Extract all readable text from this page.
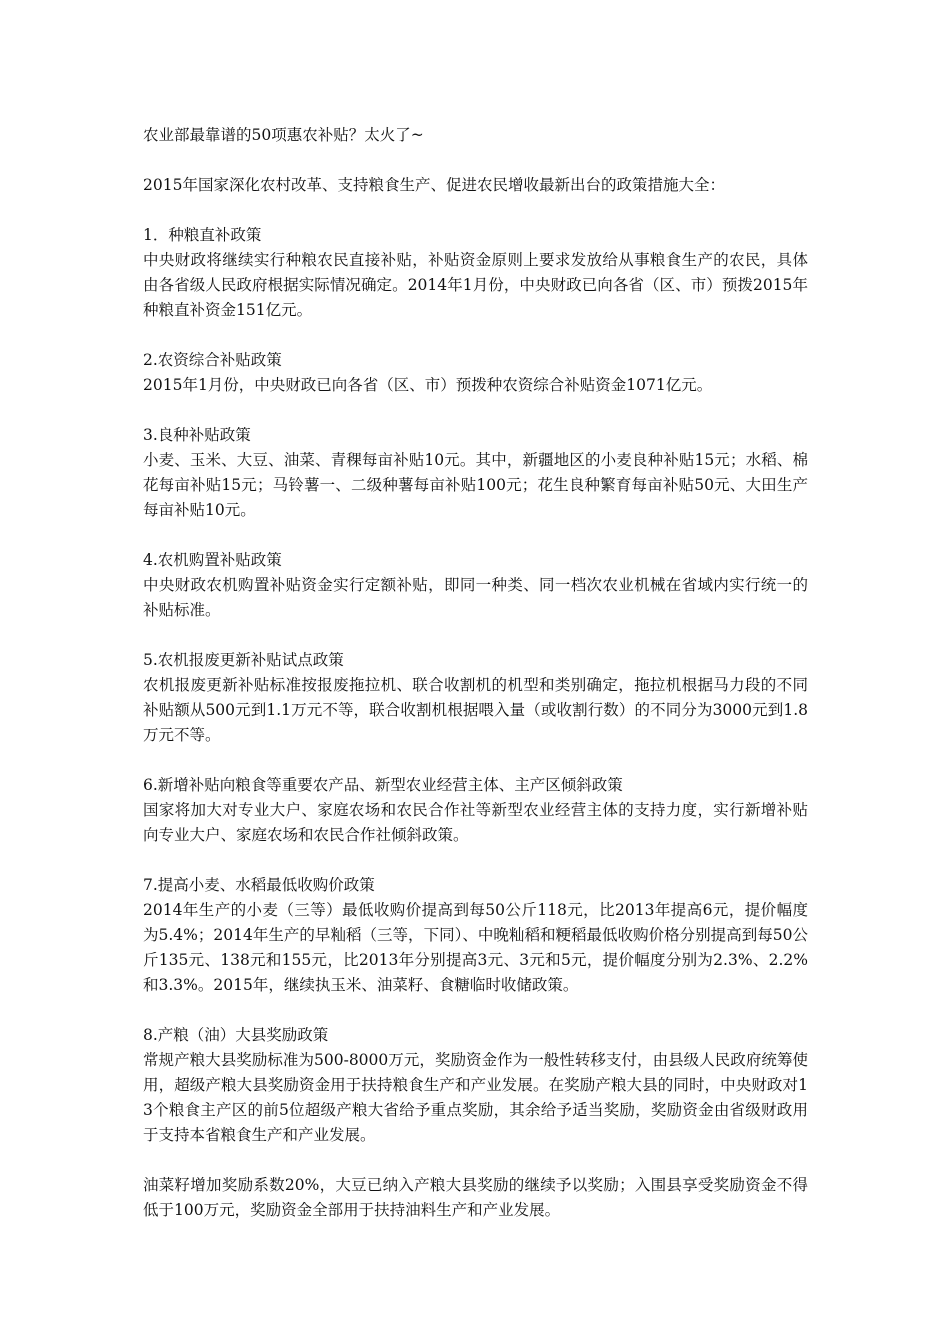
农业部最靠谱的50项惠农补贴？太火了~

2015年国家深化农村改革、支持粮食生产、促进农民增收最新出台的政策措施大全：

1．种粮直补政策

中央财政将继续实行种粮农民直接补贴，补贴资金原则上要求发放给从事粮食生产的农民，具体由各省级人民政府根据实际情况确定。2014年1月份，中央财政已向各省（区、市）预拨2015年种粮直补资金151亿元。

2.农资综合补贴政策

2015年1月份，中央财政已向各省（区、市）预拨种农资综合补贴资金1071亿元。

3.良种补贴政策

小麦、玉米、大豆、油菜、青稞每亩补贴10元。其中，新疆地区的小麦良种补贴15元；水稻、棉花每亩补贴15元；马铃薯一、二级种薯每亩补贴100元；花生良种繁育每亩补贴50元、大田生产每亩补贴10元。

4.农机购置补贴政策

中央财政农机购置补贴资金实行定额补贴，即同一种类、同一档次农业机械在省域内实行统一的补贴标准。

5.农机报废更新补贴试点政策

农机报废更新补贴标准按报废拖拉机、联合收割机的机型和类别确定，拖拉机根据马力段的不同补贴额从500元到1.1万元不等，联合收割机根据喂入量（或收割行数）的不同分为3000元到1.8万元不等。

6.新增补贴向粮食等重要农产品、新型农业经营主体、主产区倾斜政策

国家将加大对专业大户、家庭农场和农民合作社等新型农业经营主体的支持力度，实行新增补贴向专业大户、家庭农场和农民合作社倾斜政策。

7.提高小麦、水稻最低收购价政策

2014年生产的小麦（三等）最低收购价提高到每50公斤118元，比2013年提高6元，提价幅度为5.4%；2014年生产的早籼稻（三等，下同）、中晚籼稻和粳稻最低收购价格分别提高到每50公斤135元、138元和155元，比2013年分别提高3元、3元和5元，提价幅度分别为2.3%、2.2%和3.3%。2015年，继续执玉米、油菜籽、食糖临时收储政策。

8.产粮（油）大县奖励政策

常规产粮大县奖励标准为500-8000万元，奖励资金作为一般性转移支付，由县级人民政府统筹使用，超级产粮大县奖励资金用于扶持粮食生产和产业发展。在奖励产粮大县的同时，中央财政对13个粮食主产区的前5位超级产粮大省给予重点奖励，其余给予适当奖励，奖励资金由省级财政用于支持本省粮食生产和产业发展。

油菜籽增加奖励系数20%，大豆已纳入产粮大县奖励的继续予以奖励；入围县享受奖励资金不得低于100万元，奖励资金全部用于扶持油料生产和产业发展。
